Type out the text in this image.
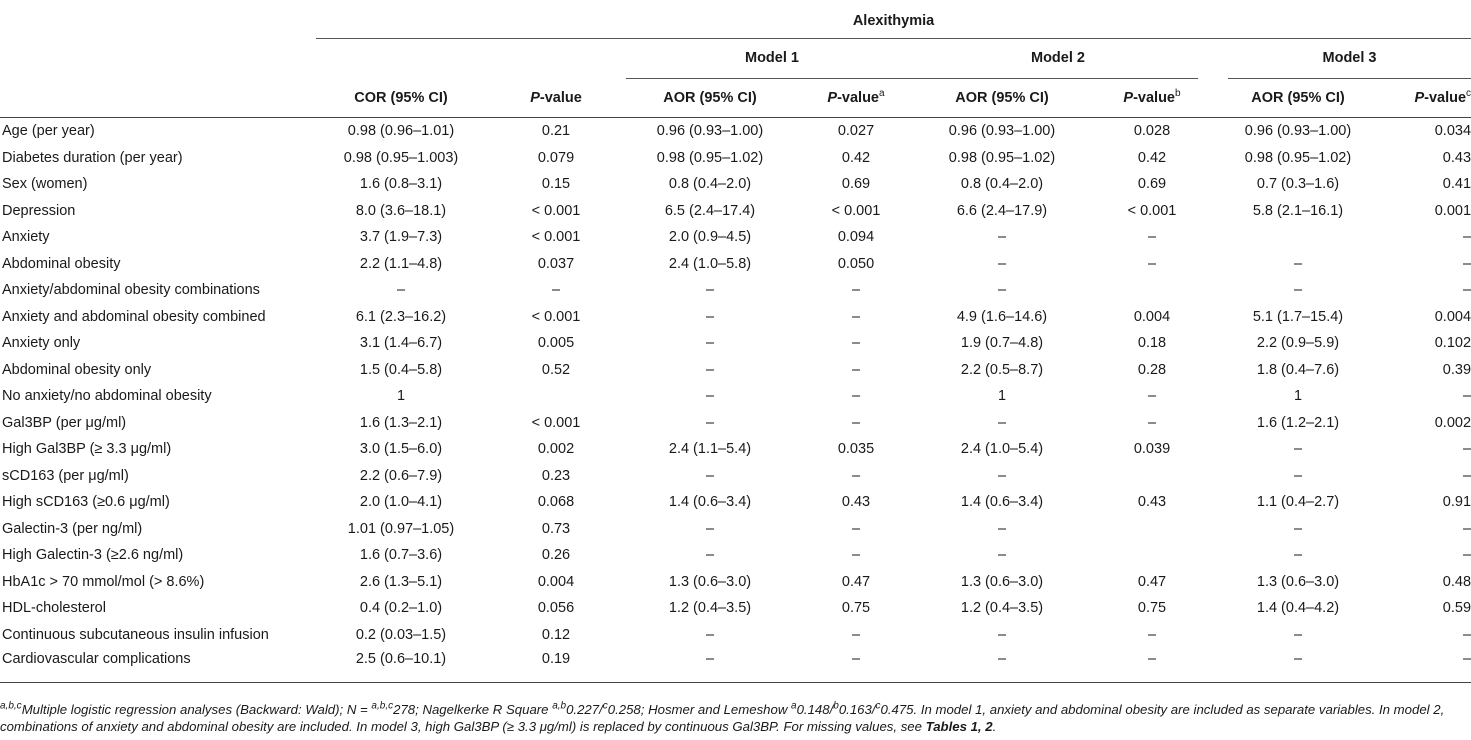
	Alexithymia							

			Model 1		Model 2		Model 3	

	COR (95% CI)	P-value	AOR (95% CI)	P-value$^a$	AOR (95% CI)	P-value$^b$	AOR (95% CI)	P-value$^c$
Age (per year)	0.98 (0.96–1.01)	0.21	0.96 (0.93–1.00)	0.027	0.96 (0.93–1.00)	0.028	0.96 (0.93–1.00)	0.034
Diabetes duration (per year)	0.98 (0.95–1.003)	0.079	0.98 (0.95–1.02)	0.42	0.98 (0.95–1.02)	0.42	0.98 (0.95–1.02)	0.43
Sex (women)	1.6 (0.8–3.1)	0.15	0.8 (0.4–2.0)	0.69	0.8 (0.4–2.0)	0.69	0.7 (0.3–1.6)	0.41
Depression	8.0 (3.6–18.1)	< 0.001	6.5 (2.4–17.4)	< 0.001	6.6 (2.4–17.9)	< 0.001	5.8 (2.1–16.1)	0.001
Anxiety	3.7 (1.9–7.3)	< 0.001	2.0 (0.9–4.5)	0.094	–	–		–
Abdominal obesity	2.2 (1.1–4.8)	0.037	2.4 (1.0–5.8)	0.050	–	–	–	–
Anxiety/abdominal obesity combinations	–	–	–	–	–		–	–
Anxiety and abdominal obesity combined	6.1 (2.3–16.2)	< 0.001	–	–	4.9 (1.6–14.6)	0.004	5.1 (1.7–15.4)	0.004
Anxiety only	3.1 (1.4–6.7)	0.005	–	–	1.9 (0.7–4.8)	0.18	2.2 (0.9–5.9)	0.102
Abdominal obesity only	1.5 (0.4–5.8)	0.52	–	–	2.2 (0.5–8.7)	0.28	1.8 (0.4–7.6)	0.39
No anxiety/no abdominal obesity	1		–	–	1	–	1	–
Gal3BP (per μg/ml)	1.6 (1.3–2.1)	< 0.001	–	–	–	–	1.6 (1.2–2.1)	0.002
High Gal3BP (≥ 3.3 μg/ml)	3.0 (1.5–6.0)	0.002	2.4 (1.1–5.4)	0.035	2.4 (1.0–5.4)	0.039	–	–
sCD163 (per μg/ml)	2.2 (0.6–7.9)	0.23	–	–	–		–	–
High sCD163 (≥0.6 μg/ml)	2.0 (1.0–4.1)	0.068	1.4 (0.6–3.4)	0.43	1.4 (0.6–3.4)	0.43	1.1 (0.4–2.7)	0.91
Galectin-3 (per ng/ml)	1.01 (0.97–1.05)	0.73	–	–	–		–	–
High Galectin-3 (≥2.6 ng/ml)	1.6 (0.7–3.6)	0.26	–	–	–		–	–
HbA1c > 70 mmol/mol (> 8.6%)	2.6 (1.3–5.1)	0.004	1.3 (0.6–3.0)	0.47	1.3 (0.6–3.0)	0.47	1.3 (0.6–3.0)	0.48
HDL-cholesterol	0.4 (0.2–1.0)	0.056	1.2 (0.4–3.5)	0.75	1.2 (0.4–3.5)	0.75	1.4 (0.4–4.2)	0.59
Continuous subcutaneous insulin infusion	0.2 (0.03–1.5)	0.12	–	–	–	–	–	–
Cardiovascular complications	2.5 (0.6–10.1)	0.19	–	–	–	–	–	–
$^{a,b,c}$Multiple logistic regression analyses (Backward: Wald); N = $^{a,b,c}$278; Nagelkerke R Square $^{a,b}$0.227/$^c$0.258; Hosmer and Lemeshow $^a$0.148/$^b$0.163/$^c$0.475. In model 1, anxiety and abdominal obesity are included as separate variables. In model 2, combinations of anxiety and abdominal obesity are included. In model 3, high Gal3BP (≥ 3.3 μg/ml) is replaced by continuous Gal3BP. For missing values, see Tables 1, 2.
